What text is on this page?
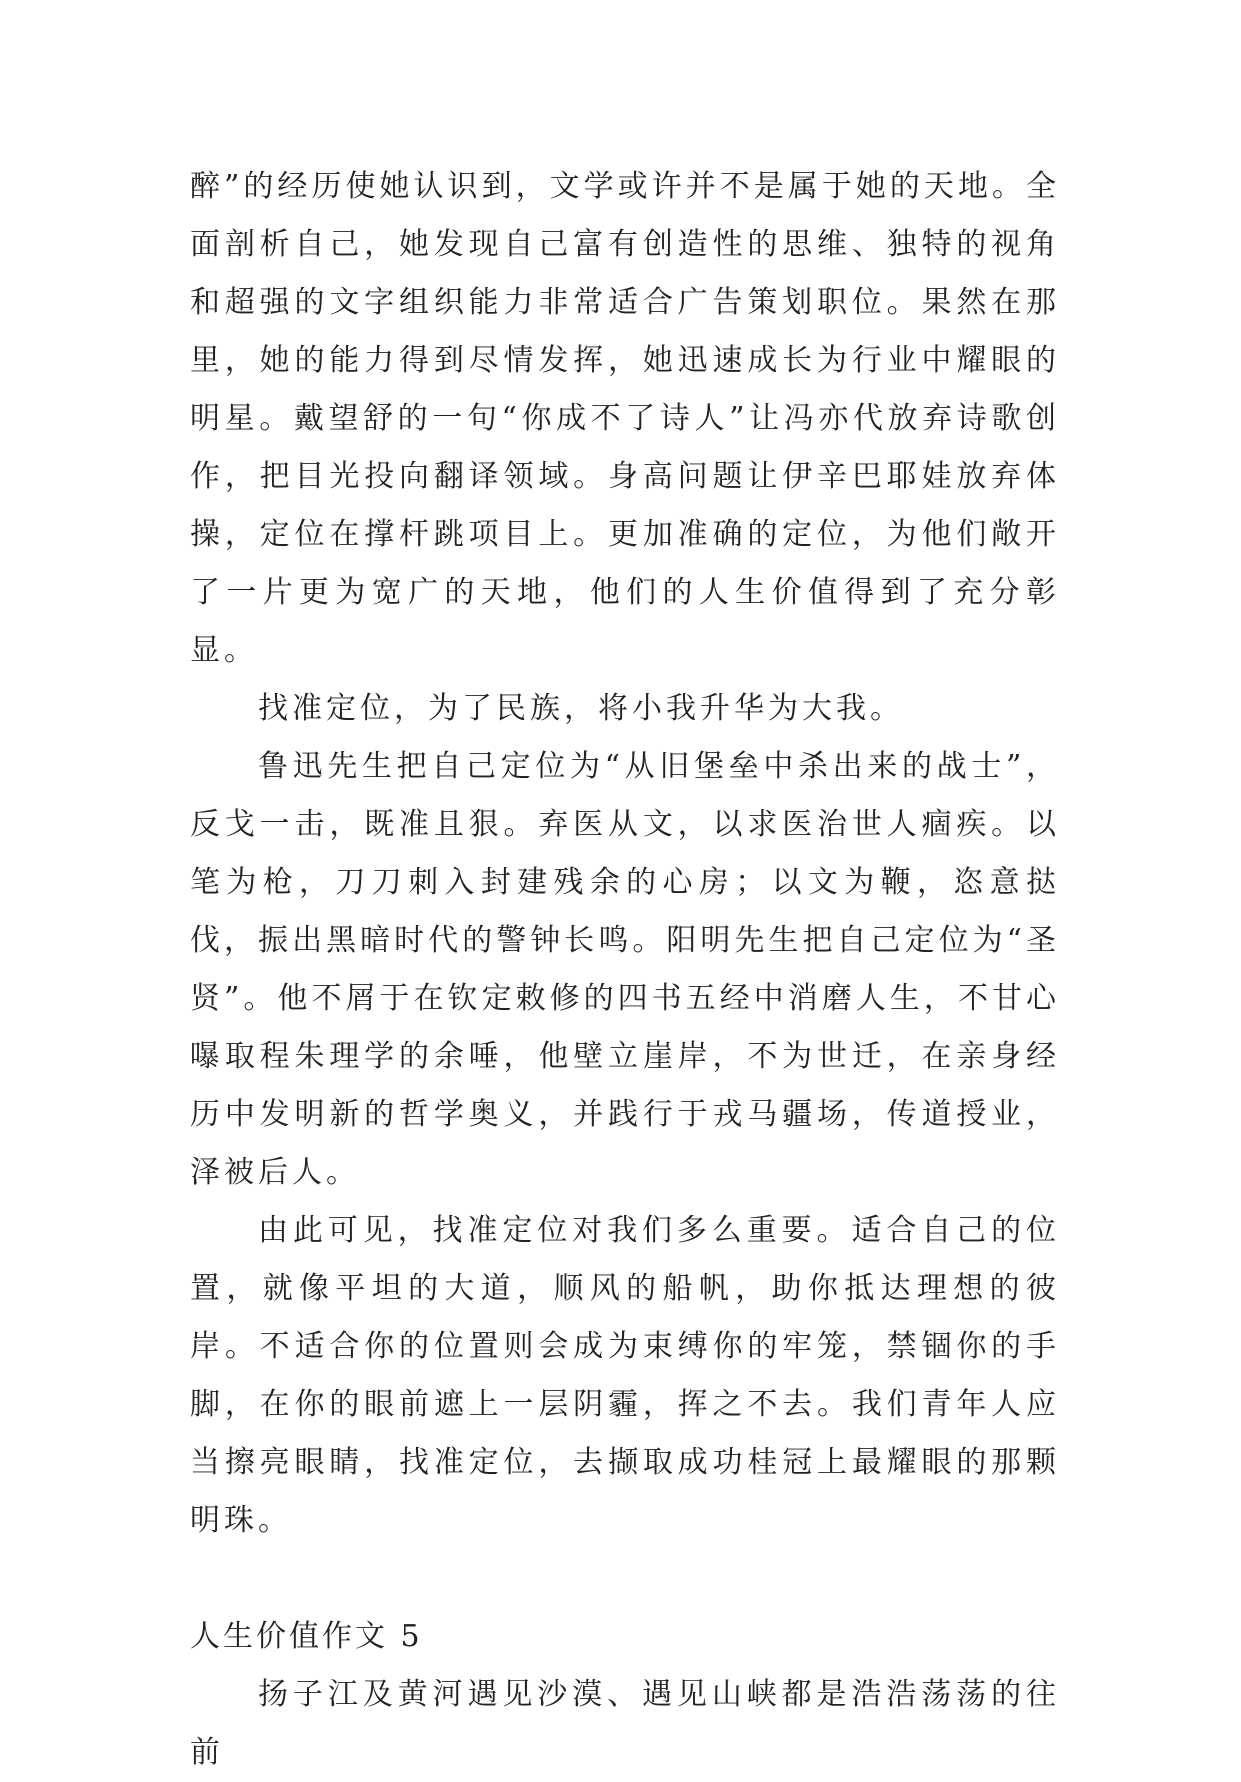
醉”的经历使她认识到，文学或许并不是属于她的天地。全面剖析自己，她发现自己富有创造性的思维、独特的视角和超强的文字组织能力非常适合广告策划职位。果然在那里，她的能力得到尽情发挥，她迅速成长为行业中耀眼的明星。戴望舒的一句“你成不了诗人”让冯亦代放弃诗歌创作，把目光投向翻译领域。身高问题让伊辛巴耶娃放弃体操，定位在撑杆跳项目上。更加准确的定位，为他们敞开了一片更为宽广的天地，他们的人生价值得到了充分彰显。

找准定位，为了民族，将小我升华为大我。

鲁迅先生把自己定位为“从旧堡垒中杀出来的战士”，反戈一击，既准且狠。弃医从文，以求医治世人痼疾。以笔为枪，刀刀刺入封建残余的心房；以文为鞭，恣意挞伐，振出黑暗时代的警钟长鸣。阳明先生把自己定位为“圣贤”。他不屑于在钦定敕修的四书五经中消磨人生，不甘心嚗取程朱理学的余唾，他壁立崖岸，不为世迁，在亲身经历中发明新的哲学奥义，并践行于戎马疆场，传道授业，泽被后人。

由此可见，找准定位对我们多么重要。适合自己的位置，就像平坦的大道，顺风的船帆，助你抵达理想的彼岸。不适合你的位置则会成为束缚你的牢笼，禁锢你的手脚，在你的眼前遮上一层阴霾，挥之不去。我们青年人应当擦亮眼睛，找准定位，去撷取成功桂冠上最耀眼的那颗明珠。

人生价值作文 5

扬子江及黄河遇见沙漠、遇见山峡都是浩浩荡荡的往前
